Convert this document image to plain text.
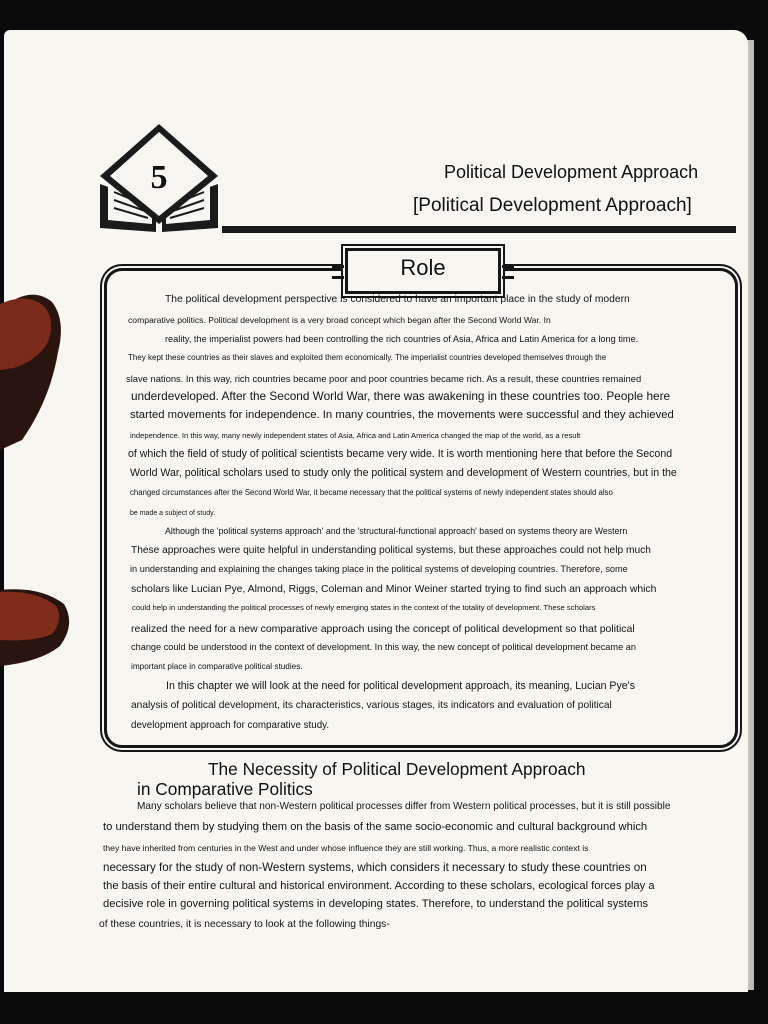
5	Political Development Approach
[Political Development Approach]
Role
The political development perspective is considered to have an important place in the study of modern
comparative politics. Political development is a very broad concept which began after the Second World War. In
reality, the imperialist powers had been controlling the rich countries of Asia, Africa and Latin America for a long time.
They kept these countries as their slaves and exploited them economically. The imperialist countries developed themselves through the
slave nations. In this way, rich countries became poor and poor countries became rich. As a result, these countries remained
underdeveloped. After the Second World War, there was awakening in these countries too. People here
started movements for independence. In many countries, the movements were successful and they achieved
independence. In this way, many newly independent states of Asia, Africa and Latin America changed the map of the world, as a result
of which the field of study of political scientists became very wide. It is worth mentioning here that before the Second
World War, political scholars used to study only the political system and development of Western countries, but in the
changed circumstances after the Second World War, it became necessary that the political systems of newly independent states should also
be made a subject of study.
Although the 'political systems approach' and the 'structural-functional approach' based on systems theory are Western
These approaches were quite helpful in understanding political systems, but these approaches could not help much
in understanding and explaining the changes taking place in the political systems of developing countries. Therefore, some
scholars like Lucian Pye, Almond, Riggs, Coleman and Minor Weiner started trying to find such an approach which
could help in understanding the political processes of newly emerging states in the context of the totality of development. These scholars
realized the need for a new comparative approach using the concept of political development so that political
change could be understood in the context of development. In this way, the new concept of political development became an
important place in comparative political studies.
In this chapter we will look at the need for political development approach, its meaning, Lucian Pye's
analysis of political development, its characteristics, various stages, its indicators and evaluation of political
development approach for comparative study.
The Necessity of Political Development Approach
in Comparative Politics
Many scholars believe that non-Western political processes differ from Western political processes, but it is still possible
to understand them by studying them on the basis of the same socio-economic and cultural background which
they have inherited from centuries in the West and under whose influence they are still working. Thus, a more realistic context is
necessary for the study of non-Western systems, which considers it necessary to study these countries on
the basis of their entire cultural and historical environment. According to these scholars, ecological forces play a
decisive role in governing political systems in developing states. Therefore, to understand the political systems
of these countries, it is necessary to look at the following things-
